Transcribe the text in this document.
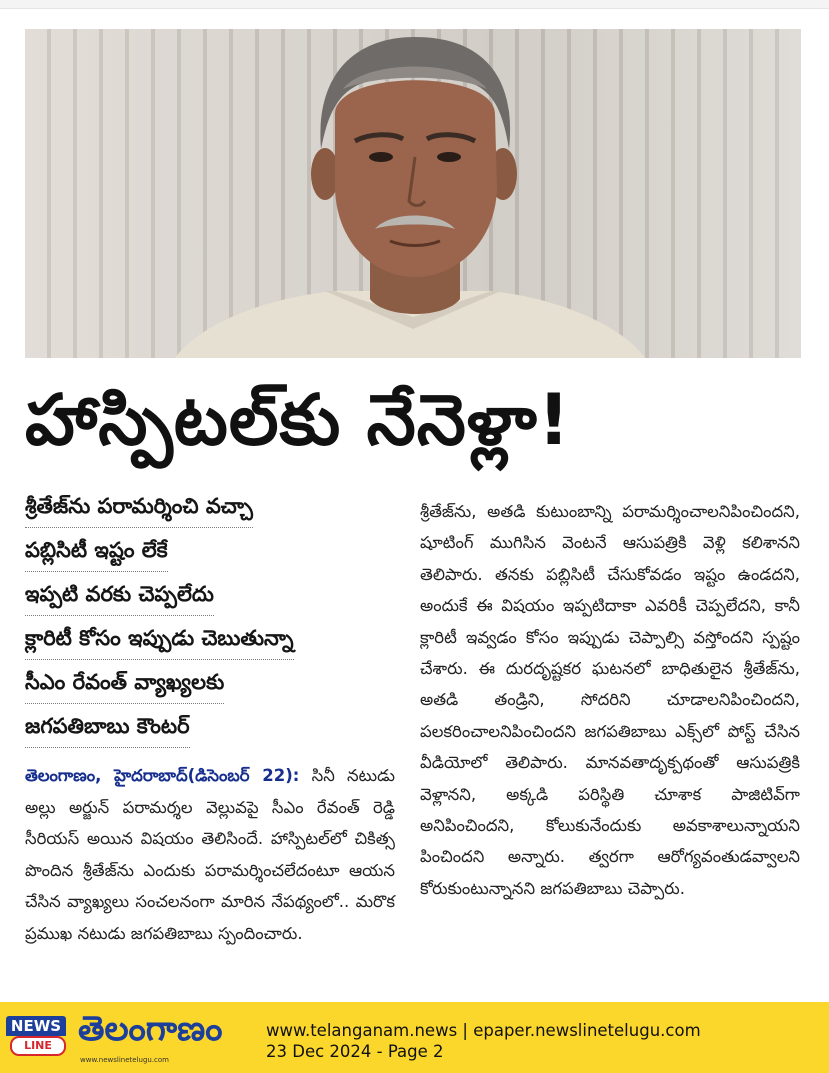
హాస్పిటల్‌కు నేనెళ్లా!
శ్రీతేజ్‌ను పరామర్శించి వచ్చా
పబ్లిసిటీ ఇష్టం లేకే
ఇప్పటి వరకు చెప్పలేదు
క్లారిటీ కోసం ఇప్పుడు చెబుతున్నా
సీఎం రేవంత్ వ్యాఖ్యలకు
జగపతిబాబు కౌంటర్

తెలంగాణం, హైదరాబాద్(డిసెంబర్ 22): సినీ నటుడు అల్లు అర్జున్ పరామర్శల వెల్లువపై సీఎం రేవంత్ రెడ్డి సీరియస్ అయిన విషయం తెలిసిందే. హాస్పిటల్‌లో చికిత్స పొందిన శ్రీతేజ్‌ను ఎందుకు పరామర్శించలేదంటూ ఆయన చేసిన వ్యాఖ్యలు సంచలనంగా మారిన నేపథ్యంలో.. మరొక ప్రముఖ నటుడు జగపతిబాబు స్పందించారు.

శ్రీతేజ్‌ను, అతడి కుటుంబాన్ని పరామర్శించాలనిపించిందని, షూటింగ్ ముగిసిన వెంటనే ఆసుపత్రికి వెళ్లి కలిశానని తెలిపారు. తనకు పబ్లిసిటీ చేసుకోవడం ఇష్టం ఉండదని, అందుకే ఈ విషయం ఇప్పటిదాకా ఎవరికీ చెప్పలేదని, కానీ క్లారిటీ ఇవ్వడం కోసం ఇప్పుడు చెప్పాల్సి వస్తోందని స్పష్టం చేశారు. ఈ దురదృష్టకర ఘటనలో బాధితులైన శ్రీతేజ్‌ను, అతడి తండ్రిని, సోదరిని చూడాలనిపించిందని, పలకరించాలనిపించిందని జగపతిబాబు ఎక్స్‌లో పోస్ట్ చేసిన వీడియోలో తెలిపారు. మానవతాదృక్పథంతో ఆసుపత్రికి వెళ్లానని, అక్కడి పరిస్థితి చూశాక పాజిటివ్‌గా అనిపించిందని, కోలుకునేందుకు అవకాశాలున్నాయని పించిందని అన్నారు. త్వరగా ఆరోగ్యవంతుడవ్వాలని కోరుకుంటున్నానని జగపతిబాబు చెప్పారు.

NEWS
LINE తెలంగాణం
www.newslinetelugu.com
www.telanganam.news | epaper.newslinetelugu.com
23 Dec 2024 - Page 2
